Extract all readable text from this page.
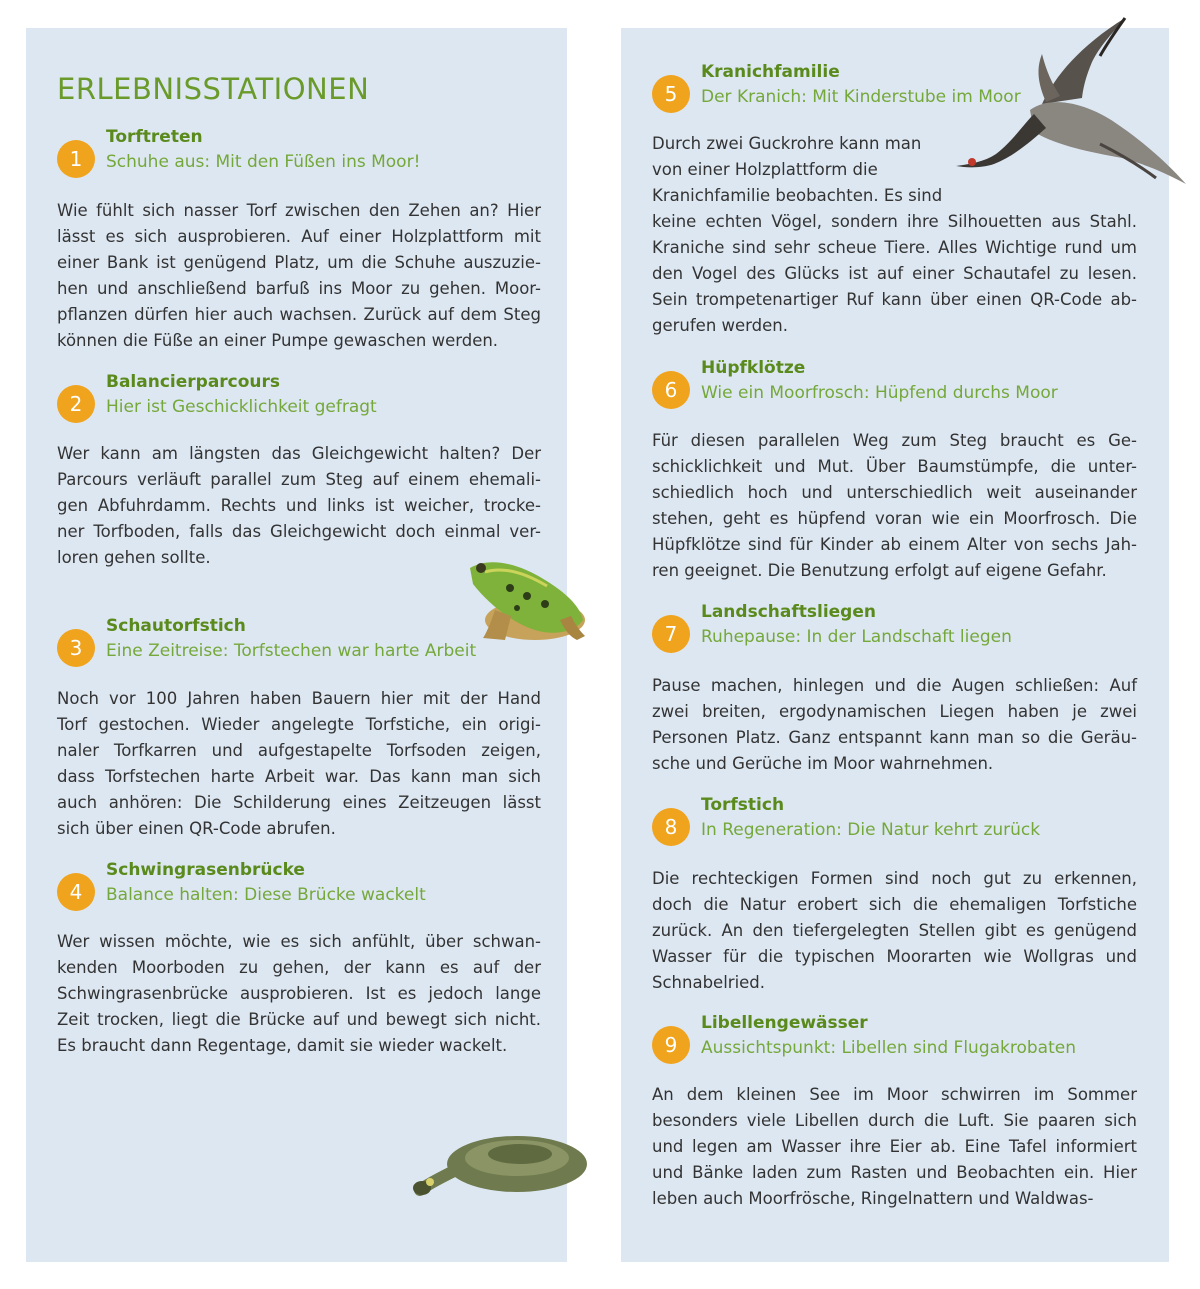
ERLEBNISSTATIONEN
1
Torftreten
Schuhe aus: Mit den Füßen ins Moor!
Wie fühlt sich nasser Torf zwischen den Zehen an? Hier
lässt es sich ausprobieren. Auf einer Holzplattform mit
einer Bank ist genügend Platz, um die Schuhe auszuzie-
hen und anschließend barfuß ins Moor zu gehen. Moor-
pflanzen dürfen hier auch wachsen. Zurück auf dem Steg
können die Füße an einer Pumpe gewaschen werden.
2
Balancierparcours
Hier ist Geschicklichkeit gefragt
Wer kann am längsten das Gleichgewicht halten? Der
Parcours verläuft parallel zum Steg auf einem ehemali-
gen Abfuhrdamm. Rechts und links ist weicher, trocke-
ner Torfboden, falls das Gleichgewicht doch einmal ver-
loren gehen sollte.
3
Schautorfstich
Eine Zeitreise: Torfstechen war harte Arbeit
Noch vor 100 Jahren haben Bauern hier mit der Hand
Torf gestochen. Wieder angelegte Torfstiche, ein origi-
naler Torfkarren und aufgestapelte Torfsoden zeigen,
dass Torfstechen harte Arbeit war. Das kann man sich
auch anhören: Die Schilderung eines Zeitzeugen lässt
sich über einen QR-Code abrufen.
4
Schwingrasenbrücke
Balance halten: Diese Brücke wackelt
Wer wissen möchte, wie es sich anfühlt, über schwan-
kenden Moorboden zu gehen, der kann es auf der
Schwingrasenbrücke ausprobieren. Ist es jedoch lange
Zeit trocken, liegt die Brücke auf und bewegt sich nicht.
Es braucht dann Regentage, damit sie wieder wackelt.
5
Kranichfamilie
Der Kranich: Mit Kinderstube im Moor
Durch zwei Guckrohre kann man
von einer Holzplattform die
Kranichfamilie beobachten. Es sind
keine echten Vögel, sondern ihre Silhouetten aus Stahl.
Kraniche sind sehr scheue Tiere. Alles Wichtige rund um
den Vogel des Glücks ist auf einer Schautafel zu lesen.
Sein trompetenartiger Ruf kann über einen QR-Code ab-
gerufen werden.
6
Hüpfklötze
Wie ein Moorfrosch: Hüpfend durchs Moor
Für diesen parallelen Weg zum Steg braucht es Ge-
schicklichkeit und Mut. Über Baumstümpfe, die unter-
schiedlich hoch und unterschiedlich weit auseinander
stehen, geht es hüpfend voran wie ein Moorfrosch. Die
Hüpfklötze sind für Kinder ab einem Alter von sechs Jah-
ren geeignet. Die Benutzung erfolgt auf eigene Gefahr.
7
Landschaftsliegen
Ruhepause: In der Landschaft liegen
Pause machen, hinlegen und die Augen schließen: Auf
zwei breiten, ergodynamischen Liegen haben je zwei
Personen Platz. Ganz entspannt kann man so die Geräu-
sche und Gerüche im Moor wahrnehmen.
8
Torfstich
In Regeneration: Die Natur kehrt zurück
Die rechteckigen Formen sind noch gut zu erkennen,
doch die Natur erobert sich die ehemaligen Torfstiche
zurück. An den tiefergelegten Stellen gibt es genügend
Wasser für die typischen Moorarten wie Wollgras und
Schnabelried.
9
Libellengewässer
Aussichtspunkt: Libellen sind Flugakrobaten
An dem kleinen See im Moor schwirren im Sommer
besonders viele Libellen durch die Luft. Sie paaren sich
und legen am Wasser ihre Eier ab. Eine Tafel informiert
und Bänke laden zum Rasten und Beobachten ein. Hier
leben auch Moorfrösche, Ringelnattern und Waldwas-
